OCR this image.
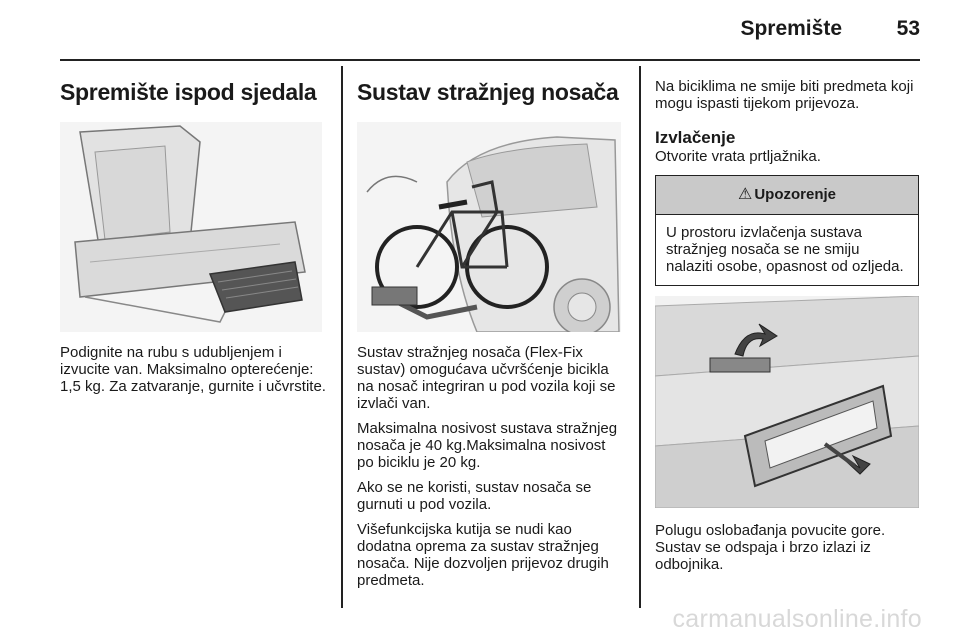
Spremište	53
Spremište ispod sjedala

Podignite na rubu s udubljenjem i izvucite van. Maksimalno opterećenje: 1,5 kg. Za zatvaranje, gurnite i učvrstite.

Sustav stražnjeg nosača

Sustav stražnjeg nosača (Flex-Fix sustav) omogućava učvršćenje bicikla na nosač integriran u pod vozila koji se izvlači van.

Maksimalna nosivost sustava stražnjeg nosača je 40 kg.Maksimalna nosivost po biciklu je 20 kg.

Ako se ne koristi, sustav nosača se gurnuti u pod vozila.

Višefunkcijska kutija se nudi kao dodatna oprema za sustav stražnjeg nosača. Nije dozvoljen prijevoz drugih predmeta.

Na biciklima ne smije biti predmeta koji mogu ispasti tijekom prijevoza.

Izvlačenje

Otvorite vrata prtljažnika.

⚠ Upozorenje
U prostoru izvlačenja sustava stražnjeg nosača se ne smiju nalaziti osobe, opasnost od ozljeda.

Polugu oslobađanja povucite gore. Sustav se odspaja i brzo izlazi iz odbojnika.

carmanualsonline.info
